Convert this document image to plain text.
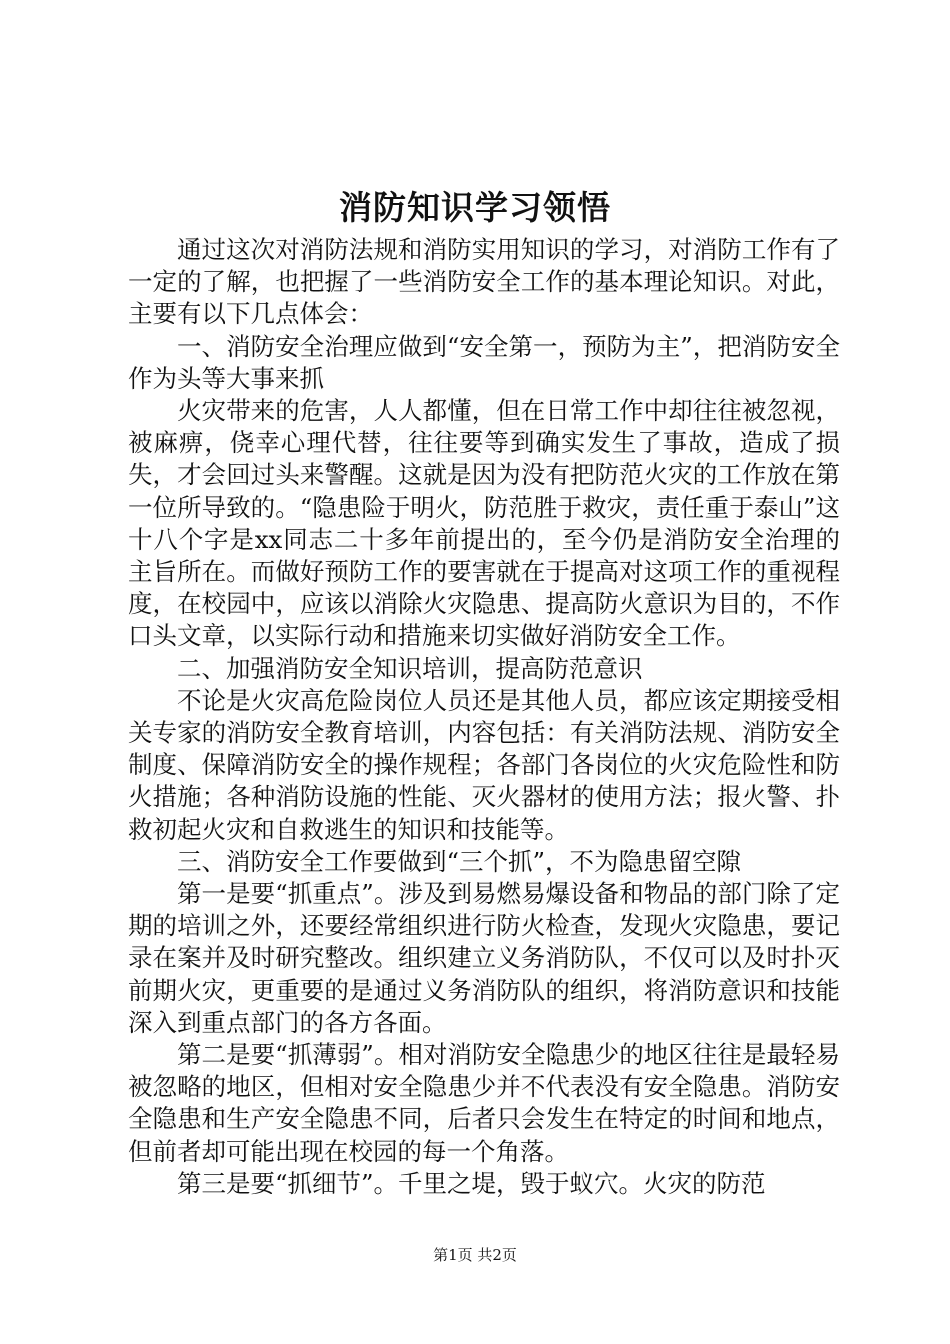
消防知识学习领悟

通过这次对消防法规和消防实用知识的学习，对消防工作有了一定的了解，也把握了一些消防安全工作的基本理论知识。对此，主要有以下几点体会：

一、消防安全治理应做到“安全第一，预防为主”，把消防安全作为头等大事来抓

火灾带来的危害，人人都懂，但在日常工作中却往往被忽视，被麻痹，侥幸心理代替，往往要等到确实发生了事故，造成了损失，才会回过头来警醒。这就是因为没有把防范火灾的工作放在第一位所导致的。“隐患险于明火，防范胜于救灾，责任重于泰山”这十八个字是xx同志二十多年前提出的，至今仍是消防安全治理的主旨所在。而做好预防工作的要害就在于提高对这项工作的重视程度，在校园中，应该以消除火灾隐患、提高防火意识为目的，不作口头文章，以实际行动和措施来切实做好消防安全工作。

二、加强消防安全知识培训，提高防范意识

不论是火灾高危险岗位人员还是其他人员，都应该定期接受相关专家的消防安全教育培训，内容包括：有关消防法规、消防安全制度、保障消防安全的操作规程；各部门各岗位的火灾危险性和防火措施；各种消防设施的性能、灭火器材的使用方法；报火警、扑救初起火灾和自救逃生的知识和技能等。

三、消防安全工作要做到“三个抓”，不为隐患留空隙

第一是要“抓重点”。涉及到易燃易爆设备和物品的部门除了定期的培训之外，还要经常组织进行防火检查，发现火灾隐患，要记录在案并及时研究整改。组织建立义务消防队，不仅可以及时扑灭前期火灾，更重要的是通过义务消防队的组织，将消防意识和技能深入到重点部门的各方各面。

第二是要“抓薄弱”。相对消防安全隐患少的地区往往是最轻易被忽略的地区，但相对安全隐患少并不代表没有安全隐患。消防安全隐患和生产安全隐患不同，后者只会发生在特定的时间和地点，但前者却可能出现在校园的每一个角落。

第三是要“抓细节”。千里之堤，毁于蚁穴。火灾的防范

第1页 共2页
